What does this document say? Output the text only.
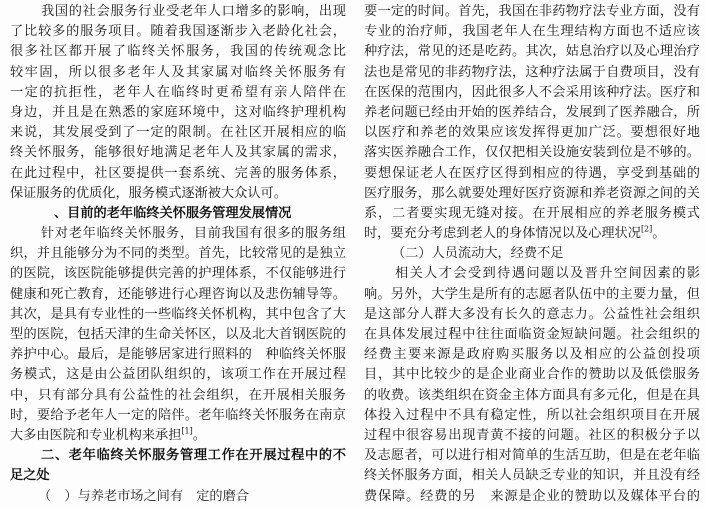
我国的社会服务行业受老年人口增多的影响，出现
了比较多的服务项目。随着我国逐渐步入老龄化社会，
很多社区都开展了临终关怀服务，我国的传统观念比
较牢固，所以很多老年人及其家属对临终关怀服务有
一定的抗拒性，老年人在临终时更希望有亲人陪伴在
身边，并且是在熟悉的家庭环境中，这对临终护理机构
来说，其发展受到了一定的限制。在社区开展相应的临
终关怀服务，能够很好地满足老年人及其家属的需求，
在此过程中，社区要提供一套系统、完善的服务体系，
保证服务的优质化，服务模式逐渐被大众认可。
、目前的老年临终关怀服务管理发展情况
针对老年临终关怀服务，目前我国有很多的服务组
织，并且能够分为不同的类型。首先，比较常见的是独立
的医院，该医院能够提供完善的护理体系，不仅能够进行
健康和死亡教育，还能够进行心理咨询以及悲伤辅导等。
其次，是具有专业性的一些临终关怀机构，其中包含了大
型的医院，包括天津的生命关怀区，以及北大首钢医院的
养护中心。最后，是能够居家进行照料的　种临终关怀服
务模式，这是由公益团队组织的，该项工作在开展过程
中，只有部分具有公益性的社会组织，在开展相关服务
时，要给予老年人一定的陪伴。老年临终关怀服务在南京
大多由医院和专业机构来承担[1]。
二、老年临终关怀服务管理工作在开展过程中的不
足之处
（　）与养老市场之间有　定的磨合
要一定的时间。首先，我国在非药物疗法专业方面，没有
专业的治疗师，我国老年人在生理结构方面也不适应该
种疗法，常见的还是吃药。其次，姑息治疗以及心理治疗
法也是常见的非药物疗法，这种疗法属于自费项目，没有
在医保的范围内，因此很多人不会采用该种疗法。医疗和
养老问题已经由开始的医养结合，发展到了医养融合，所
以医疗和养老的效果应该发挥得更加广泛。要想很好地
落实医养融合工作，仅仅把相关设施安装到位是不够的。
要想保证老人在医疗区得到相应的待遇，享受到基础的
医疗服务，那么就要处理好医疗资源和养老资源之间的关
系，二者要实现无缝对接。在开展相应的养老服务模式
时，要充分考虑到老人的身体情况以及心理状况[2]。
（二）人员流动大，经费不足
相关人才会受到待遇问题以及晋升空间因素的影
响。另外，大学生是所有的志愿者队伍中的主要力量，但
是这部分人群大多没有长久的意志力。公益性社会组织
在具体发展过程中往往面临资金短缺问题。社会组织的
经费主要来源是政府购买服务以及相应的公益创投项
目，其中比较少的是企业商业合作的赞助以及低偿服务
的收费。该类组织在资金主体方面具有多元化，但是在具
体投入过程中不具有稳定性，所以社会组织项目在开展
过程中很容易出现青黄不接的问题。社区的积极分子以
及志愿者，可以进行相对简单的生活互助，但是在老年临
终关怀服务方面，相关人员缺乏专业的知识，并且没有经
费保障。经费的另　来源是企业的赞助以及媒体平台的
